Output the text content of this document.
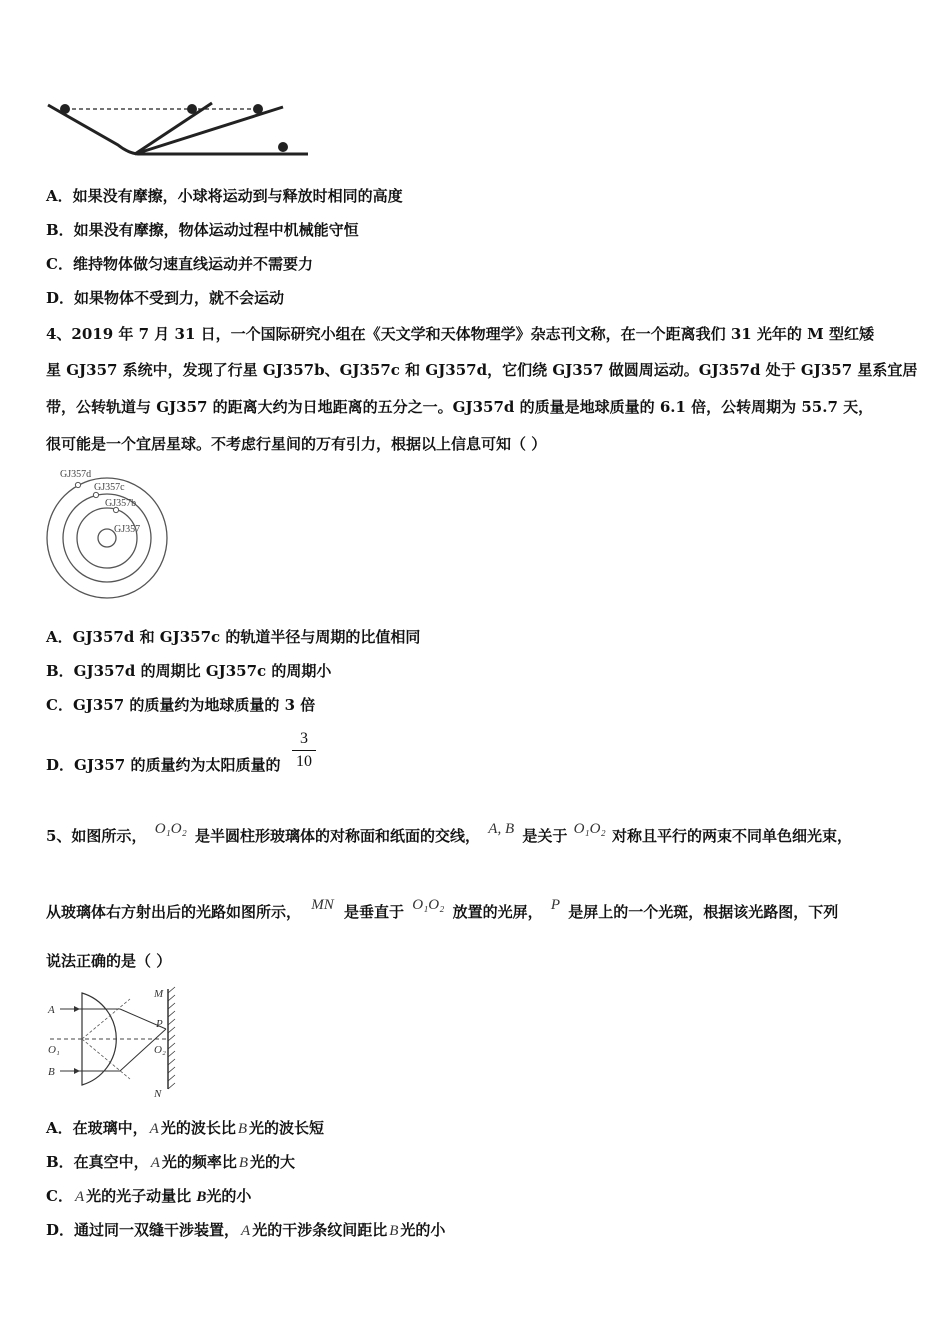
A．如果没有摩擦，小球将运动到与释放时相同的高度
B．如果没有摩擦，物体运动过程中机械能守恒
C．维持物体做匀速直线运动并不需要力
D．如果物体不受到力，就不会运动
4、2019 年 7 月 31 日，一个国际研究小组在《天文学和天体物理学》杂志刊文称，在一个距离我们 31 光年的 M 型红矮
星 GJ357 系统中，发现了行星 GJ357b、GJ357c 和 GJ357d，它们绕 GJ357 做圆周运动。GJ357d 处于 GJ357 星系宜居
带，公转轨道与 GJ357 的距离大约为日地距离的五分之一。GJ357d 的质量是地球质量的 6.1 倍，公转周期为 55.7 天，
很可能是一个宜居星球。不考虑行星间的万有引力，根据以上信息可知（ ）
GJ357d
GJ357c
GJ357b
GJ357
A．GJ357d 和 GJ357c 的轨道半径与周期的比值相同
B．GJ357d 的周期比 GJ357c 的周期小
C．GJ357 的质量约为地球质量的 3 倍
D．GJ357 的质量约为太阳质量的
3
10
5、如图所示， O₁O₂ 是半圆柱形玻璃体的对称面和纸面的交线， A, B 是关于 O₁O₂ 对称且平行的两束不同单色细光束，
从玻璃体右方射出后的光路如图所示， MN 是垂直于 O₁O₂ 放置的光屏， P 是屏上的一个光斑，根据该光路图，下列
说法正确的是（ ）
A
B
O₁	O₂
M
N
P
A．在玻璃中， A 光的波长比 B 光的波长短
B．在真空中， A 光的频率比 B 光的大
C． A 光的光子动量比 B光的小
D．通过同一双缝干涉装置， A 光的干涉条纹间距比 B 光的小
